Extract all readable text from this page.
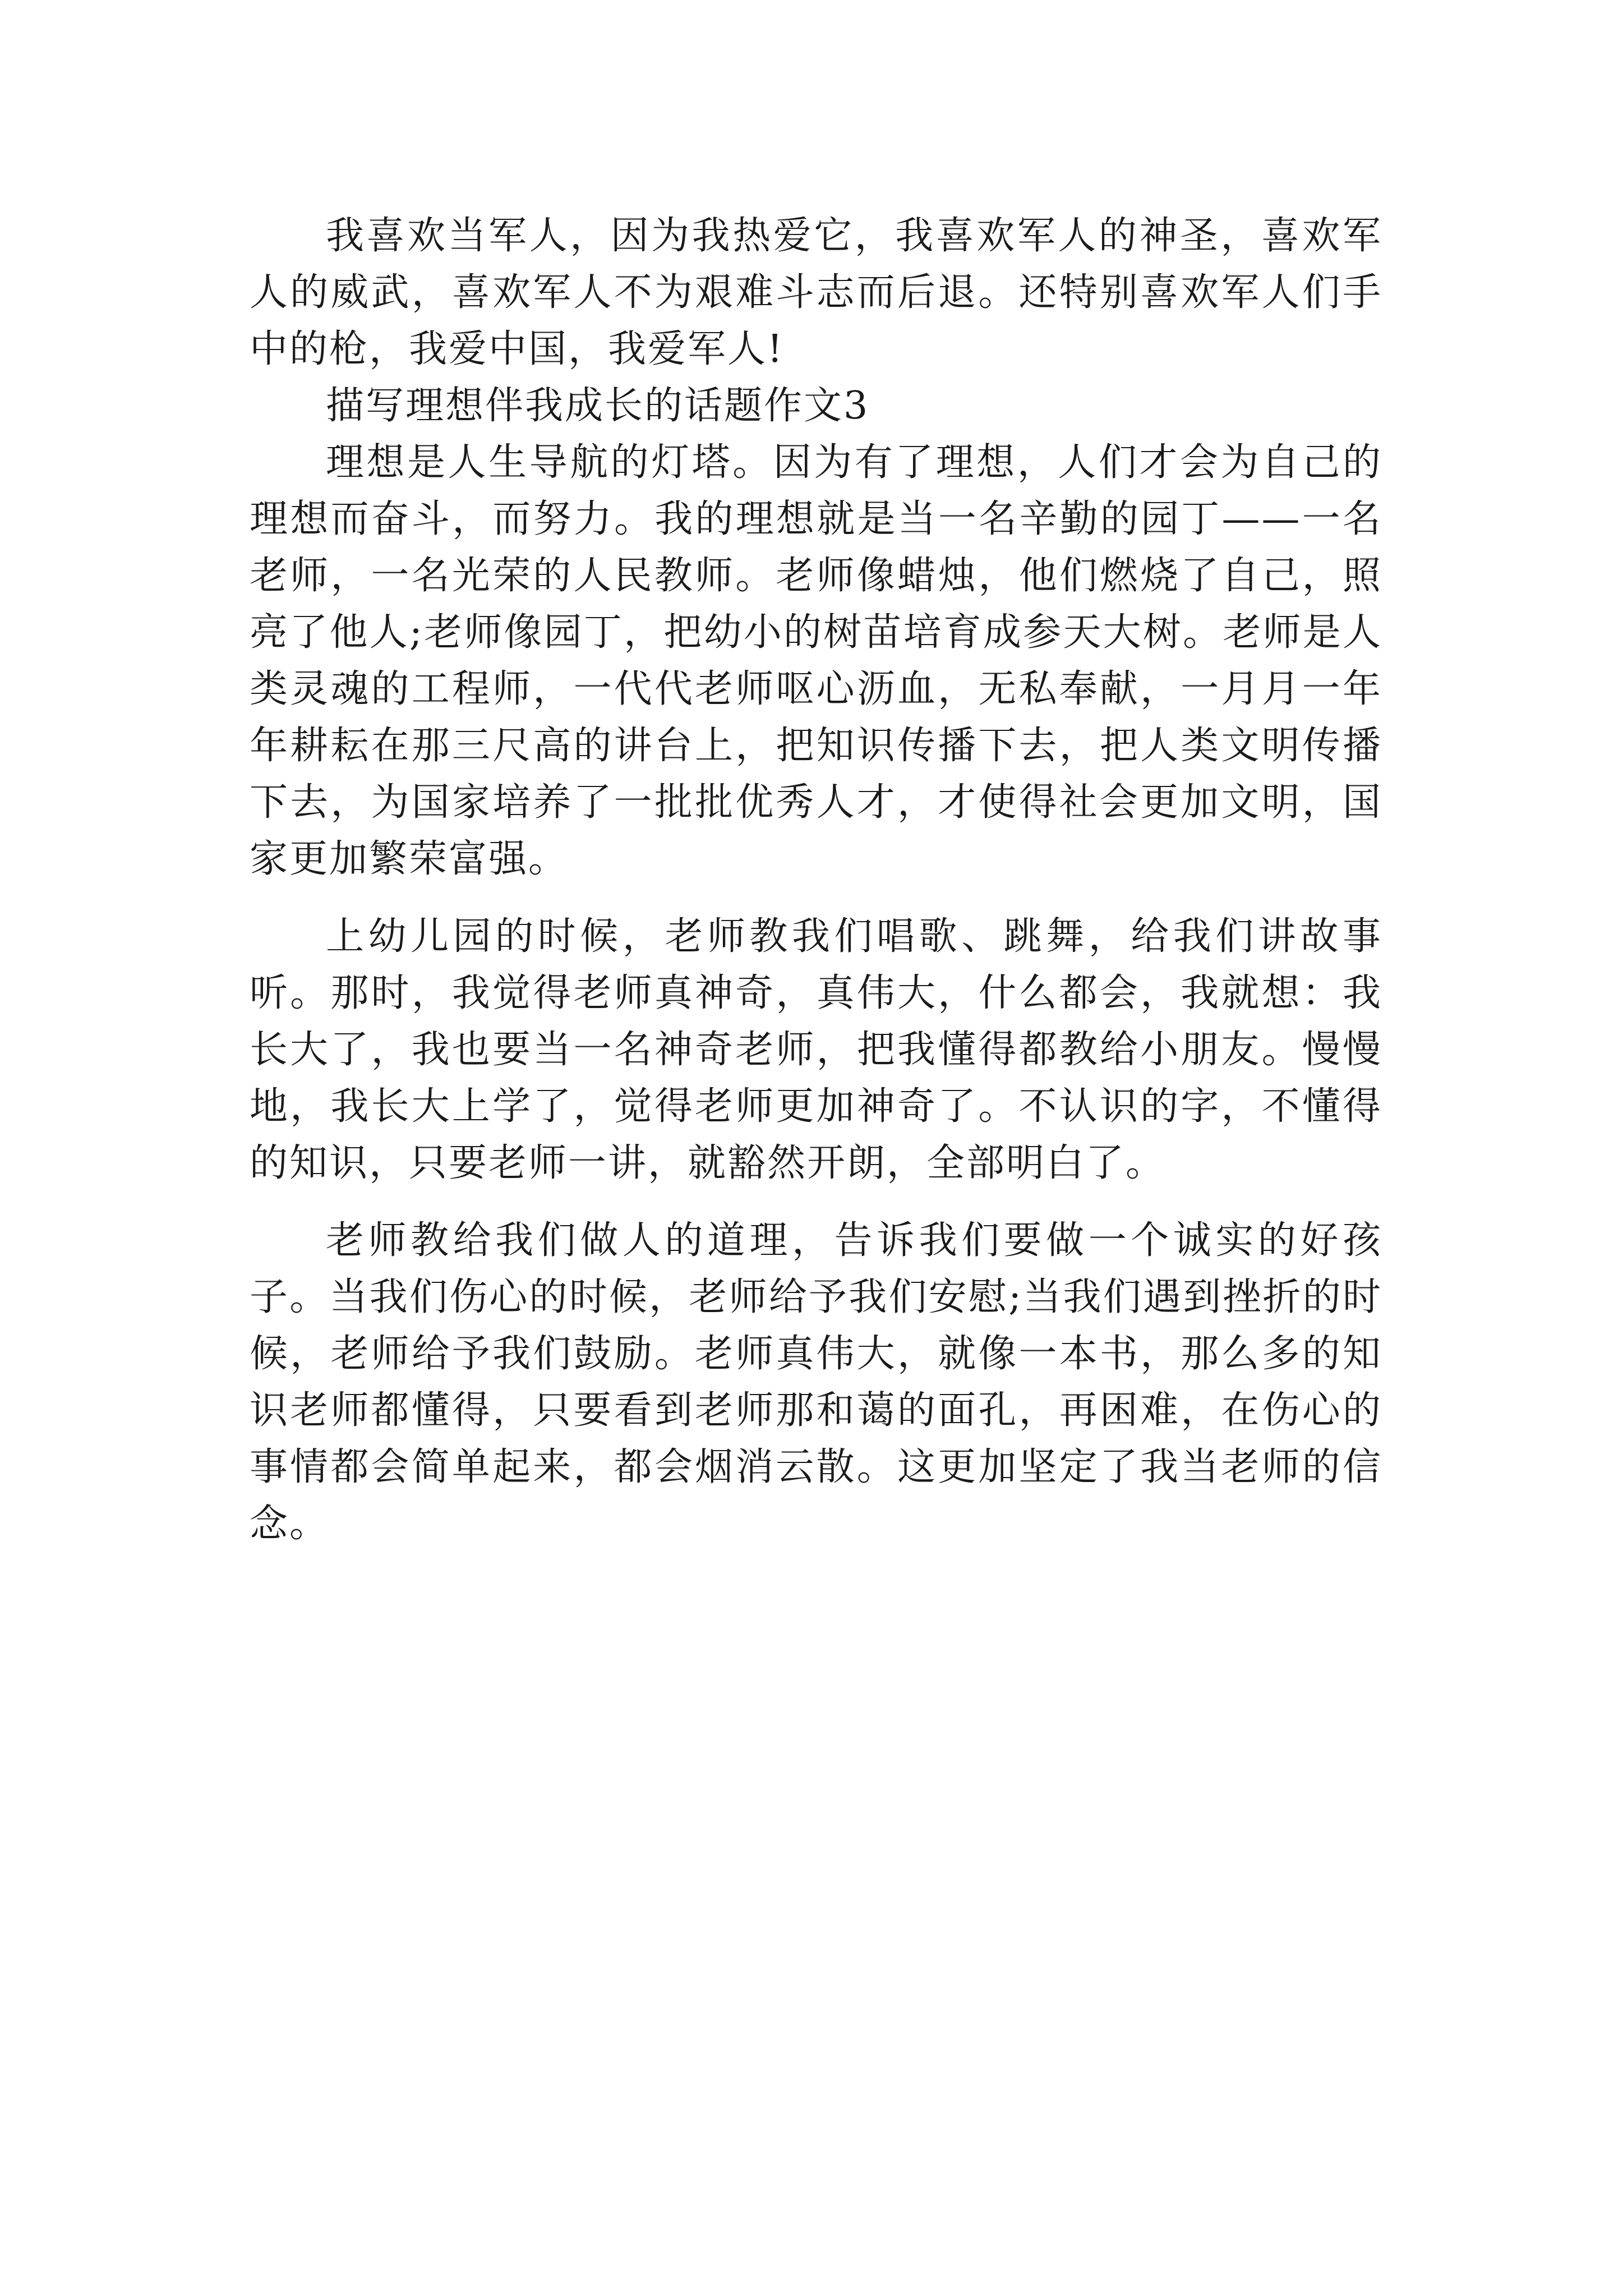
我喜欢当军人，因为我热爱它，我喜欢军人的神圣，喜欢军人的威武，喜欢军人不为艰难斗志而后退。还特别喜欢军人们手中的枪，我爱中国，我爱军人!

描写理想伴我成长的话题作文3

理想是人生导航的灯塔。因为有了理想，人们才会为自己的理想而奋斗，而努力。我的理想就是当一名辛勤的园丁——一名老师，一名光荣的人民教师。老师像蜡烛，他们燃烧了自己，照亮了他人;老师像园丁，把幼小的树苗培育成参天大树。老师是人类灵魂的工程师，一代代老师呕心沥血，无私奉献，一月月一年年耕耘在那三尺高的讲台上，把知识传播下去，把人类文明传播下去，为国家培养了一批批优秀人才，才使得社会更加文明，国家更加繁荣富强。

上幼儿园的时候，老师教我们唱歌、跳舞，给我们讲故事听。那时，我觉得老师真神奇，真伟大，什么都会，我就想：我长大了，我也要当一名神奇老师，把我懂得都教给小朋友。慢慢地，我长大上学了，觉得老师更加神奇了。不认识的字，不懂得的知识，只要老师一讲，就豁然开朗，全部明白了。

老师教给我们做人的道理，告诉我们要做一个诚实的好孩子。当我们伤心的时候，老师给予我们安慰;当我们遇到挫折的时候，老师给予我们鼓励。老师真伟大，就像一本书，那么多的知识老师都懂得，只要看到老师那和蔼的面孔，再困难，在伤心的事情都会简单起来，都会烟消云散。这更加坚定了我当老师的信念。
